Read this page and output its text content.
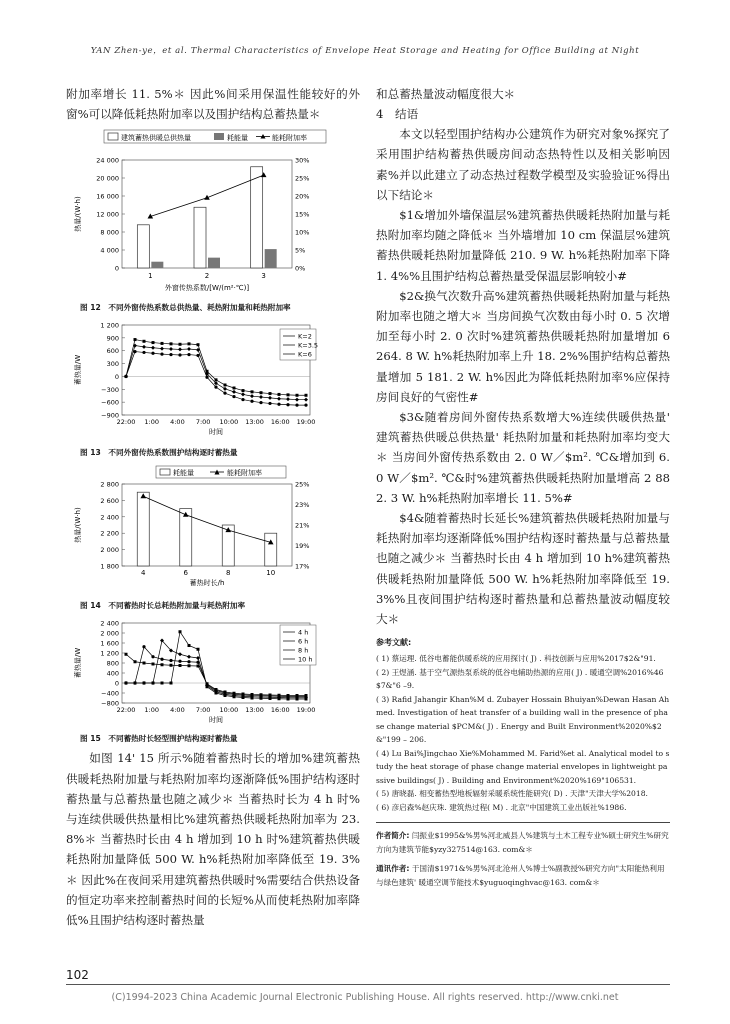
YAN Zhen-ye，et al. Thermal Characteristics of Envelope Heat Storage and Heating for Office Building at Night

附加率增长 11. 5%＊ 因此%间采用保温性能较好的外窗%可以降低耗热附加率以及围护结构总蓄热量＊

建筑蓄热供暖总供热量	耗能量	能耗附加率
24 000
20 000
16 000
12 000
8 000
4 000
0
30%
25%
20%
15%
10%
5%
0%
热量/(W·h)
1	2	3
外窗传热系数/[W/(m²·℃)]
图 12　不同外窗传热系数总供热量、耗热附加量和耗热附加率
1 200
900
600
300
0
−300
−600
−900
蓄热量/W
22:00 1:00 4:00 7:00 10:00 13:00 16:00 19:00
时间
K=2
K=3.5
K=6
图 13　不同外窗传热系数围护结构逐时蓄热量
耗能量	能耗附加率
2 800
2 600
2 400
2 200
2 000
1 800
25%
23%
21%
19%
17%
热量/(W·h)
4	6	8	10
蓄热时长/h
图 14　不同蓄热时长总耗热附加量与耗热附加率
2 400
2 000
1 600
1 200
800
400
0
−400
−800
蓄热量/W
22:00 1:00 4:00 7:00 10:00 13:00 16:00 19:00
时间
4 h
6 h
8 h
10 h
图 15　不同蓄热时长轻型围护结构逐时蓄热量

如图 14' 15 所示%随着蓄热时长的增加%建筑蓄热供暖耗热附加量与耗热附加率均逐渐降低%围护结构逐时蓄热量与总蓄热量也随之减少＊ 当蓄热时长为 4 h 时%与连续供暖供热量相比%建筑蓄热供暖耗热附加率为 23. 8%＊ 当蓄热时长由 4 h 增加到 10 h 时%建筑蓄热供暖耗热附加量降低 500 W. h%耗热附加率降低至 19. 3%＊ 因此%在夜间采用建筑蓄热供暖时%需要结合供热设备的恒定功率来控制蓄热时间的长短%从而使耗热附加率降低%且围护结构逐时蓄热量

和总蓄热量波动幅度很大＊

4　结语

本文以轻型围护结构办公建筑作为研究对象%探究了采用围护结构蓄热供暖房间动态热特性以及相关影响因素%并以此建立了动态热过程数学模型及实验验证%得出以下结论＊

$1&增加外墙保温层%建筑蓄热供暖耗热附加量与耗热附加率均随之降低＊ 当外墙增加 10 cm 保温层%建筑蓄热供暖耗热附加量降低 210. 9 W. h%耗热附加率下降 1. 4%%且围护结构总蓄热量受保温层影响较小#

$2&换气次数升高%建筑蓄热供暖耗热附加量与耗热附加率也随之增大＊ 当房间换气次数由每小时 0. 5 次增加至每小时 2. 0 次时%建筑蓄热供暖耗热附加量增加 6 264. 8 W. h%耗热附加率上升 18. 2%%围护结构总蓄热量增加 5 181. 2 W. h%因此为降低耗热附加率%应保持房间良好的气密性#

$3&随着房间外窗传热系数增大%连续供暖供热量' 建筑蓄热供暖总供热量' 耗热附加量和耗热附加率均变大＊ 当房间外窗传热系数由 2. 0 W／$m². ℃&增加到 6. 0 W／$m². ℃&时%建筑蓄热供暖耗热附加量增高 2 882. 3 W. h%耗热附加率增长 11. 5%#

$4&随着蓄热时长延长%建筑蓄热供暖耗热附加量与耗热附加率均逐渐降低%围护结构逐时蓄热量与总蓄热量也随之减少＊ 当蓄热时长由 4 h 增加到 10 h%建筑蓄热供暖耗热附加量降低 500 W. h%耗热附加率降低至 19. 3%%且夜间围护结构逐时蓄热量和总蓄热量波动幅度较大＊

参考文献:

( 1) 蔡运理. 低谷电蓄能供暖系统的应用探讨( J) . 科技创新与应用%2017$2&"91.

( 2) 王煜涵. 基于空气源热泵系统的低谷电辅助热源的应用( J) . 暖通空调%2016%46$7&"6 –9.

( 3) Rafid Jahangir Khan%M d. Zubayer Hossain Bhuiyan%Dewan Hasan Ahmed. Investigation of heat transfer of a building wall in the presence of phase change material $PCM&( J) . Energy and Built Environment%2020%$2&"199 – 206.

( 4) Lu Bai%Jingchao Xie%Mohammed M. Farid%et al. Analytical model to study the heat storage of phase change material envelopes in lightweight passive buildings( J) . Building and Environment%2020%169"106531.

( 5) 唐晓磊. 相变蓄热型地板辐射采暖系统性能研究( D) . 天津"天津大学%2018.

( 6) 彦启森%赵庆珠. 建筑热过程( M) . 北京"中国建筑工业出版社%1986.

作者简介: 闫振业$1995&%男%河北威县人%建筑与土木工程专业%硕士研究生%研究方向为建筑节能$yzy327514@163. com&＊

通讯作者: 于国清$1971&%男%河北沧州人%博士%副教授%研究方向"太阳能热利用与绿色建筑' 暖通空调节能技术$yuguoqinghvac@163. com&＊

102
(C)1994-2023 China Academic Journal Electronic Publishing House. All rights reserved. http://www.cnki.net
